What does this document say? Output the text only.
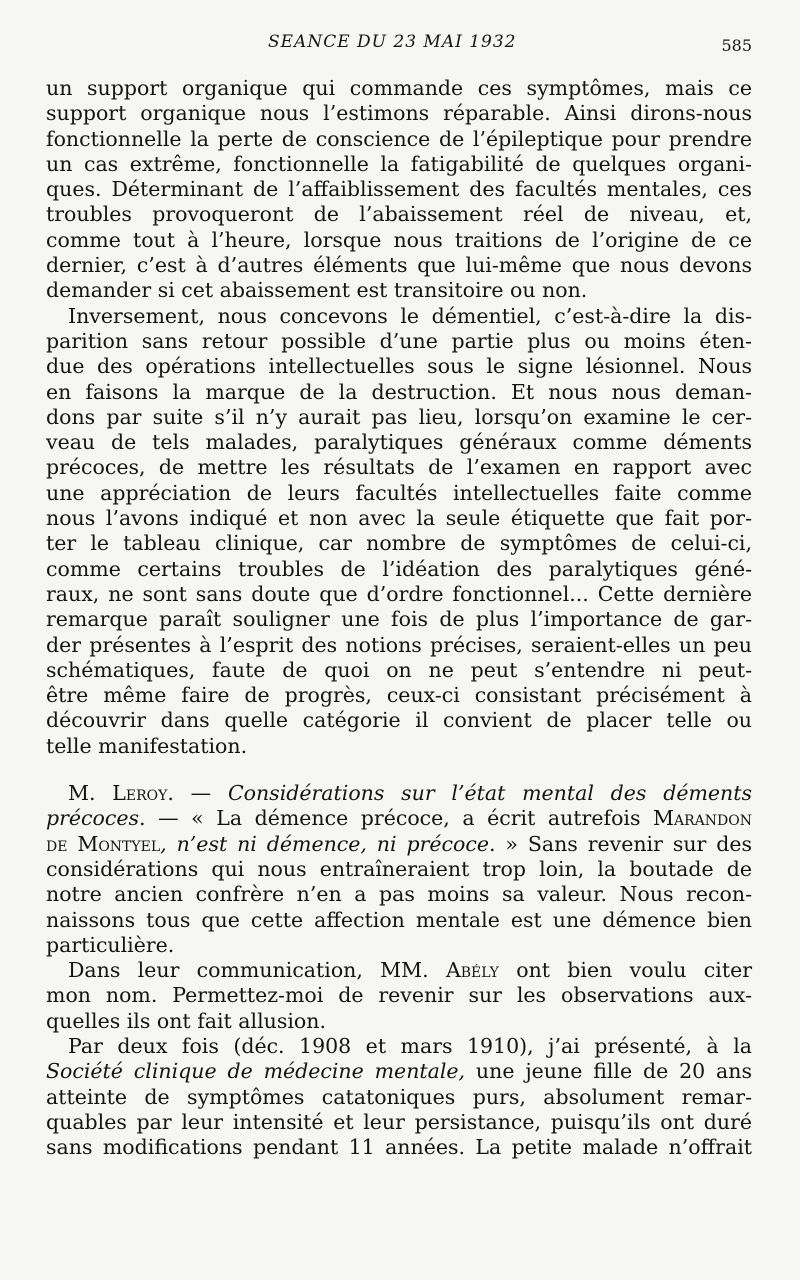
SEANCE DU 23 MAI 1932	585
un support organique qui commande ces symptômes, mais ce
support organique nous l’estimons réparable. Ainsi dirons-nous
fonctionnelle la perte de conscience de l’épileptique pour prendre
un cas extrême, fonctionnelle la fatigabilité de quelques organi-
ques. Déterminant de l’affaiblissement des facultés mentales, ces
troubles provoqueront de l’abaissement réel de niveau, et,
comme tout à l’heure, lorsque nous traitions de l’origine de ce
dernier, c’est à d’autres éléments que lui-même que nous devons
demander si cet abaissement est transitoire ou non.
Inversement, nous concevons le démentiel, c’est-à-dire la dis-
parition sans retour possible d’une partie plus ou moins éten-
due des opérations intellectuelles sous le signe lésionnel. Nous
en faisons la marque de la destruction. Et nous nous deman-
dons par suite s’il n’y aurait pas lieu, lorsqu’on examine le cer-
veau de tels malades, paralytiques généraux comme déments
précoces, de mettre les résultats de l’examen en rapport avec
une appréciation de leurs facultés intellectuelles faite comme
nous l’avons indiqué et non avec la seule étiquette que fait por-
ter le tableau clinique, car nombre de symptômes de celui-ci,
comme certains troubles de l’idéation des paralytiques géné-
raux, ne sont sans doute que d’ordre fonctionnel... Cette dernière
remarque paraît souligner une fois de plus l’importance de gar-
der présentes à l’esprit des notions précises, seraient-elles un peu
schématiques, faute de quoi on ne peut s’entendre ni peut-
être même faire de progrès, ceux-ci consistant précisément à
découvrir dans quelle catégorie il convient de placer telle ou
telle manifestation.
M. Leroy. — Considérations sur l’état mental des déments
précoces. — « La démence précoce, a écrit autrefois Marandon
de Montyel, n’est ni démence, ni précoce. » Sans revenir sur des
considérations qui nous entraîneraient trop loin, la boutade de
notre ancien confrère n’en a pas moins sa valeur. Nous recon-
naissons tous que cette affection mentale est une démence bien
particulière.
Dans leur communication, MM. Abély ont bien voulu citer
mon nom. Permettez-moi de revenir sur les observations aux-
quelles ils ont fait allusion.
Par deux fois (déc. 1908 et mars 1910), j’ai présenté, à la
Société clinique de médecine mentale, une jeune fille de 20 ans
atteinte de symptômes catatoniques purs, absolument remar-
quables par leur intensité et leur persistance, puisqu’ils ont duré
sans modifications pendant 11 années. La petite malade n’offrait
